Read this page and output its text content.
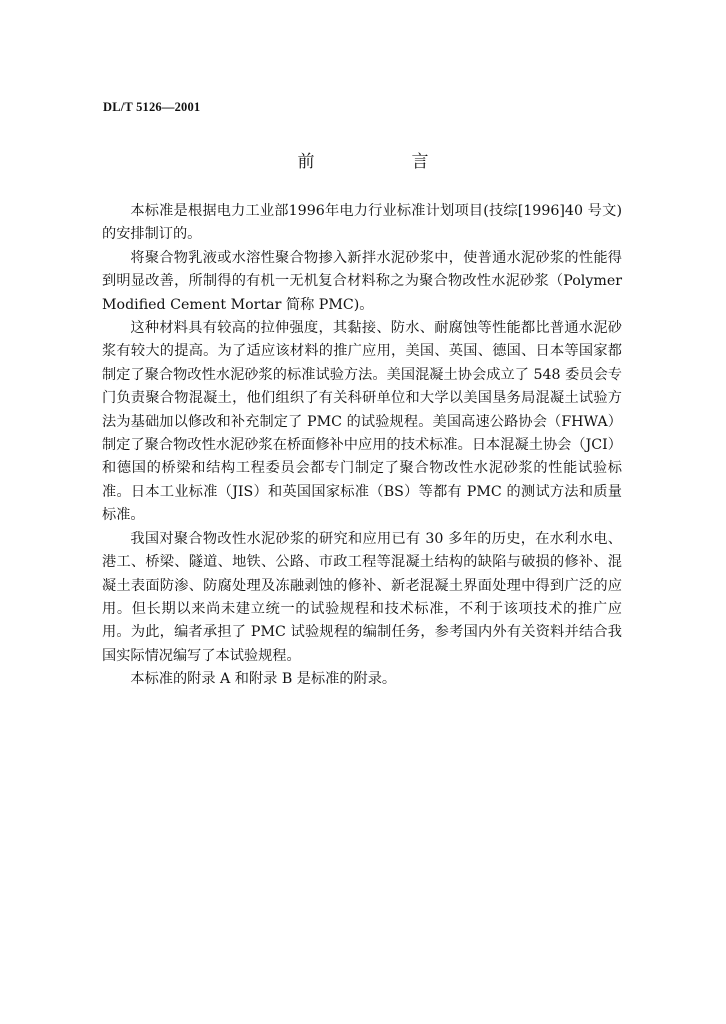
DL/T 5126—2001
前　言

本标准是根据电力工业部1996年电力行业标准计划项目(技综[1996]40 号文)的安排制订的。

将聚合物乳液或水溶性聚合物掺入新拌水泥砂浆中，使普通水泥砂浆的性能得到明显改善，所制得的有机一无机复合材料称之为聚合物改性水泥砂浆（Polymer Modified Cement Mortar 简称 PMC)。

这种材料具有较高的拉伸强度，其黏接、防水、耐腐蚀等性能都比普通水泥砂浆有较大的提高。为了适应该材料的推广应用，美国、英国、德国、日本等国家都制定了聚合物改性水泥砂浆的标准试验方法。美国混凝土协会成立了 548 委员会专门负责聚合物混凝土，他们组织了有关科研单位和大学以美国垦务局混凝土试验方法为基础加以修改和补充制定了 PMC 的试验规程。美国高速公路协会（FHWA）制定了聚合物改性水泥砂浆在桥面修补中应用的技术标准。日本混凝土协会（JCI）和德国的桥梁和结构工程委员会都专门制定了聚合物改性水泥砂浆的性能试验标准。日本工业标准（JIS）和英国国家标准（BS）等都有 PMC 的测试方法和质量标准。

我国对聚合物改性水泥砂浆的研究和应用已有 30 多年的历史，在水利水电、港工、桥梁、隧道、地铁、公路、市政工程等混凝土结构的缺陷与破损的修补、混凝土表面防渗、防腐处理及冻融剥蚀的修补、新老混凝土界面处理中得到广泛的应用。但长期以来尚未建立统一的试验规程和技术标准，不利于该项技术的推广应用。为此，编者承担了 PMC 试验规程的编制任务，参考国内外有关资料并结合我国实际情况编写了本试验规程。

本标准的附录 A 和附录 B 是标准的附录。
